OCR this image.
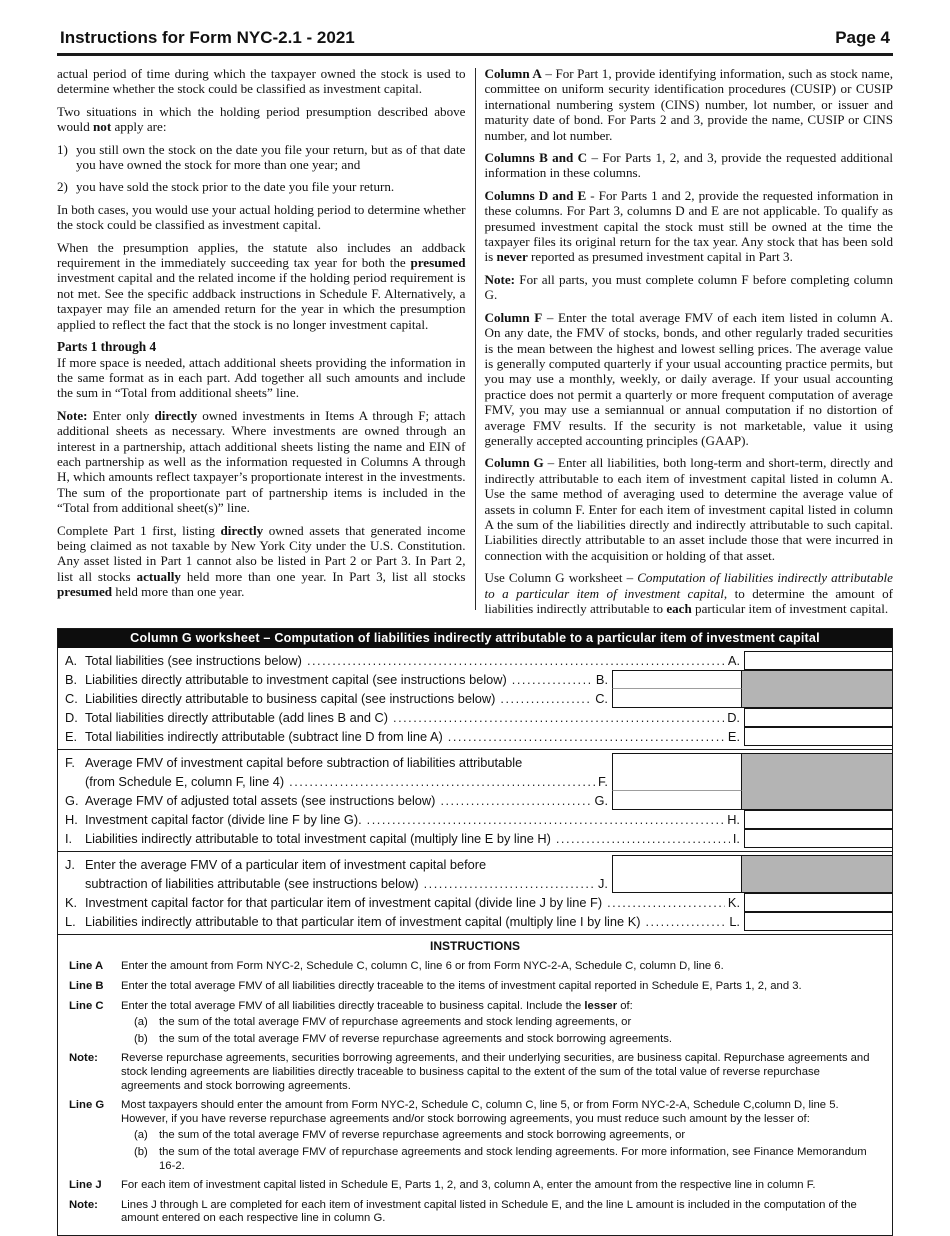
Instructions for Form NYC-2.1 - 2021	Page 4
actual period of time during which the taxpayer owned the stock is used to determine whether the stock could be classified as investment capital.
Two situations in which the holding period presumption described above would not apply are:
1) you still own the stock on the date you file your return, but as of that date you have owned the stock for more than one year; and
2) you have sold the stock prior to the date you file your return.
In both cases, you would use your actual holding period to determine whether the stock could be classified as investment capital.
When the presumption applies, the statute also includes an addback requirement in the immediately succeeding tax year for both the presumed investment capital and the related income if the holding period requirement is not met. See the specific addback instructions in Schedule F. Alternatively, a taxpayer may file an amended return for the year in which the presumption applied to reflect the fact that the stock is no longer investment capital.
Parts 1 through 4
If more space is needed, attach additional sheets providing the information in the same format as in each part. Add together all such amounts and include the sum in “Total from additional sheets” line.
Note: Enter only directly owned investments in Items A through F; attach additional sheets as necessary. Where investments are owned through an interest in a partnership, attach additional sheets listing the name and EIN of each partnership as well as the information requested in Columns A through H, which amounts reflect taxpayer’s proportionate interest in the investments. The sum of the proportionate part of partnership items is included in the “Total from additional sheet(s)” line.
Complete Part 1 first, listing directly owned assets that generated income being claimed as not taxable by New York City under the U.S. Constitution. Any asset listed in Part 1 cannot also be listed in Part 2 or Part 3. In Part 2, list all stocks actually held more than one year. In Part 3, list all stocks presumed held more than one year.
Column A – For Part 1, provide identifying information, such as stock name, committee on uniform security identification procedures (CUSIP) or CUSIP international numbering system (CINS) number, lot number, or issuer and maturity date of bond. For Parts 2 and 3, provide the name, CUSIP or CINS number, and lot number.
Columns B and C – For Parts 1, 2, and 3, provide the requested additional information in these columns.
Columns D and E - For Parts 1 and 2, provide the requested information in these columns. For Part 3, columns D and E are not applicable. To qualify as presumed investment capital the stock must still be owned at the time the taxpayer files its original return for the tax year. Any stock that has been sold is never reported as presumed investment capital in Part 3.
Note: For all parts, you must complete column F before completing column G.
Column F – Enter the total average FMV of each item listed in column A. On any date, the FMV of stocks, bonds, and other regularly traded securities is the mean between the highest and lowest selling prices. The average value is generally computed quarterly if your usual accounting practice permits, but you may use a monthly, weekly, or daily average. If your usual accounting practice does not permit a quarterly or more frequent computation of average FMV, you may use a semiannual or annual computation if no distortion of average FMV results. If the security is not marketable, value it using generally accepted accounting principles (GAAP).
Column G – Enter all liabilities, both long-term and short-term, directly and indirectly attributable to each item of investment capital listed in column A. Use the same method of averaging used to determine the average value of assets in column F. Enter for each item of investment capital listed in column A the sum of the liabilities directly and indirectly attributable to such capital. Liabilities directly attributable to an asset include those that were incurred in connection with the acquisition or holding of that asset.
Use Column G worksheet – Computation of liabilities indirectly attributable to a particular item of investment capital, to determine the amount of liabilities indirectly attributable to each particular item of investment capital.
Column G worksheet – Computation of liabilities indirectly attributable to a particular item of investment capital
A. Total liabilities (see instructions below) .....	A.
B. Liabilities directly attributable to investment capital (see instructions below) .....	B.
C. Liabilities directly attributable to business capital (see instructions below) .....	C.
D. Total liabilities directly attributable (add lines B and C) .....	D.
E. Total liabilities indirectly attributable (subtract line D from line A) .....	E.
F. Average FMV of investment capital before subtraction of liabilities attributable
(from Schedule E, column F, line 4) .....	F.
G. Average FMV of adjusted total assets (see instructions below) .....	G.
H. Investment capital factor (divide line F by line G). .....	H.
I.	Liabilities indirectly attributable to total investment capital (multiply line E by line H) .....	I.
J. Enter the average FMV of a particular item of investment capital before
subtraction of liabilities attributable (see instructions below) .....	J.
K. Investment capital factor for that particular item of investment capital (divide line J by line F) .....	K.
L. Liabilities indirectly attributable to that particular item of investment capital (multiply line I by line K) .....	L.
INSTRUCTIONS
Line A	Enter the amount from Form NYC-2, Schedule C, column C, line 6 or from Form NYC-2-A, Schedule C, column D, line 6.
Line B	Enter the total average FMV of all liabilities directly traceable to the items of investment capital reported in Schedule E, Parts 1, 2, and 3.
Line C	Enter the total average FMV of all liabilities directly traceable to business capital. Include the lesser of:
(a) the sum of the total average FMV of repurchase agreements and stock lending agreements, or
(b) the sum of the total average FMV of reverse repurchase agreements and stock borrowing agreements.
Note:	Reverse repurchase agreements, securities borrowing agreements, and their underlying securities, are business capital. Repurchase agreements and stock lending agreements are liabilities directly traceable to business capital to the extent of the sum of the total value of reverse repurchase agreements and stock borrowing agreements.
Line G	Most taxpayers should enter the amount from Form NYC-2, Schedule C, column C, line 5, or from Form NYC-2-A, Schedule C,column D, line 5. However, if you have reverse repurchase agreements and/or stock borrowing agreements, you must reduce such amount by the lesser of:
(a) the sum of the total average FMV of reverse repurchase agreements and stock borrowing agreements, or
(b) the sum of the total average FMV of repurchase agreements and stock lending agreements. For more information, see Finance Memorandum 16-2.
Line J	For each item of investment capital listed in Schedule E, Parts 1, 2, and 3, column A, enter the amount from the respective line in column F.
Note:	Lines J through L are completed for each item of investment capital listed in Schedule E, and the line L amount is included in the computation of the amount entered on each respective line in column G.
